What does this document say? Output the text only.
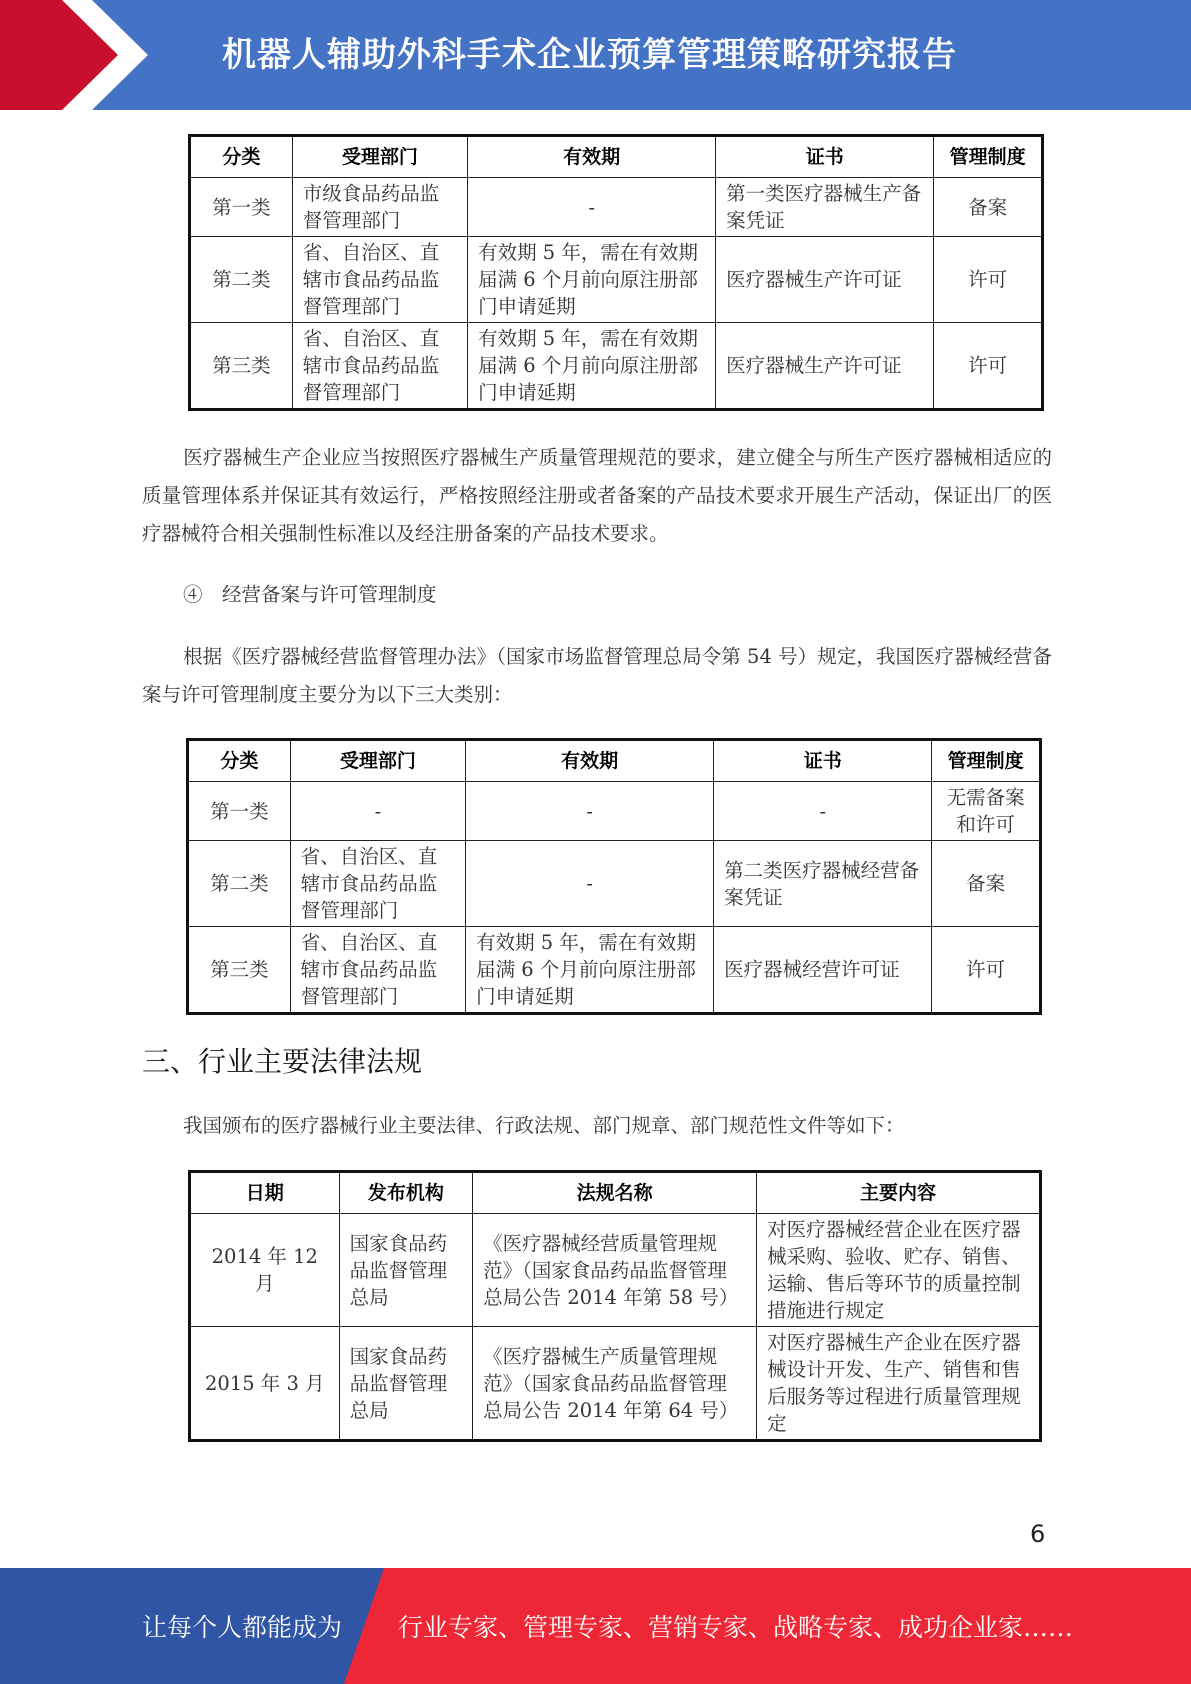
机器人辅助外科手术企业预算管理策略研究报告
分类	受理部门	有效期	证书	管理制度
第一类	市级食品药品监督管理部门	-	第一类医疗器械生产备案凭证	备案
第二类	省、自治区、直辖市食品药品监督管理部门	有效期 5 年，需在有效期届满 6 个月前向原注册部门申请延期	医疗器械生产许可证	许可
第三类	省、自治区、直辖市食品药品监督管理部门	有效期 5 年，需在有效期届满 6 个月前向原注册部门申请延期	医疗器械生产许可证	许可
医疗器械生产企业应当按照医疗器械生产质量管理规范的要求，建立健全与所生产医疗器械相适应的质量管理体系并保证其有效运行，严格按照经注册或者备案的产品技术要求开展生产活动，保证出厂的医疗器械符合相关强制性标准以及经注册备案的产品技术要求。
④　经营备案与许可管理制度
根据《医疗器械经营监督管理办法》（国家市场监督管理总局令第 54 号）规定，我国医疗器械经营备案与许可管理制度主要分为以下三大类别：
分类	受理部门	有效期	证书	管理制度
第一类	-	-	-	无需备案和许可
第二类	省、自治区、直辖市食品药品监督管理部门	-	第二类医疗器械经营备案凭证	备案
第三类	省、自治区、直辖市食品药品监督管理部门	有效期 5 年，需在有效期届满 6 个月前向原注册部门申请延期	医疗器械经营许可证	许可
三、行业主要法律法规
我国颁布的医疗器械行业主要法律、行政法规、部门规章、部门规范性文件等如下：
日期	发布机构	法规名称	主要内容
2014 年 12 月	国家食品药品监督管理总局	《医疗器械经营质量管理规范》（国家食品药品监督管理总局公告 2014 年第 58 号）	对医疗器械经营企业在医疗器械采购、验收、贮存、销售、运输、售后等环节的质量控制措施进行规定
2015 年 3 月	国家食品药品监督管理总局	《医疗器械生产质量管理规范》（国家食品药品监督管理总局公告 2014 年第 64 号）	对医疗器械生产企业在医疗器械设计开发、生产、销售和售后服务等过程进行质量管理规定
6
让每个人都能成为 行业专家、管理专家、营销专家、战略专家、成功企业家……
